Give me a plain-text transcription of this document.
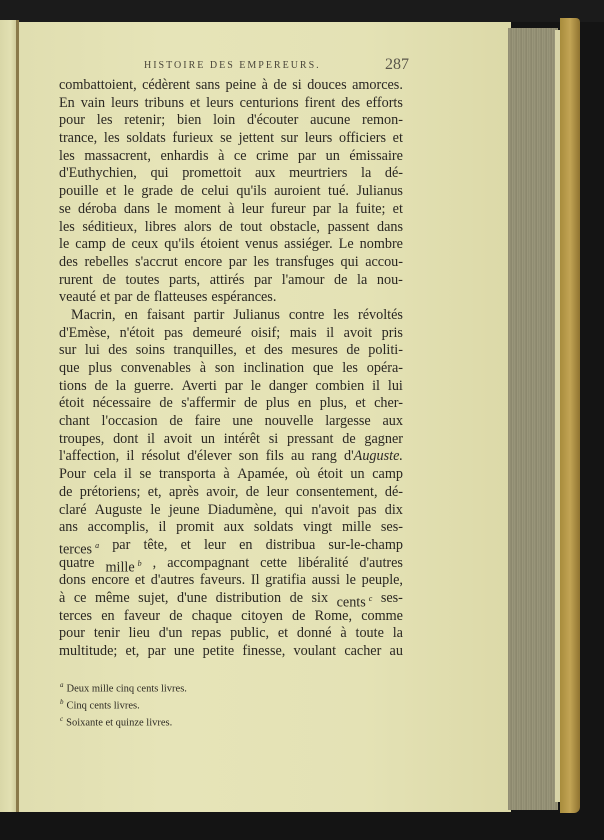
HISTOIRE DES EMPEREURS.	287
combattoient, cédèrent sans peine à de si douces amorces.
En vain leurs tribuns et leurs centurions firent des efforts
pour les retenir; bien loin d'écouter aucune remon-
trance, les soldats furieux se jettent sur leurs officiers et
les massacrent, enhardis à ce crime par un émissaire
d'Euthychien, qui promettoit aux meurtriers la dé-
pouille et le grade de celui qu'ils auroient tué. Julianus
se déroba dans le moment à leur fureur par la fuite; et
les séditieux, libres alors de tout obstacle, passent dans
le camp de ceux qu'ils étoient venus assiéger. Le nombre
des rebelles s'accrut encore par les transfuges qui accou-
rurent de toutes parts, attirés par l'amour de la nou-
veauté et par de flatteuses espérances.
Macrin, en faisant partir Julianus contre les révoltés
d'Emèse, n'étoit pas demeuré oisif; mais il avoit pris
sur lui des soins tranquilles, et des mesures de politi-
que plus convenables à son inclination que les opéra-
tions de la guerre. Averti par le danger combien il lui
étoit nécessaire de s'affermir de plus en plus, et cher-
chant l'occasion de faire une nouvelle largesse aux
troupes, dont il avoit un intérêt si pressant de gagner
l'affection, il résolut d'élever son fils au rang d'Auguste.
Pour cela il se transporta à Apamée, où étoit un camp
de prétoriens; et, après avoir, de leur consentement, dé-
claré Auguste le jeune Diadumène, qui n'avoit pas dix
ans accomplis, il promit aux soldats vingt mille ses-
terces $^a$ par tête, et leur en distribua sur-le-champ
quatre mille $^b$ , accompagnant cette libéralité d'autres
dons encore et d'autres faveurs. Il gratifia aussi le peuple,
à ce même sujet, d'une distribution de six cents $^c$ ses-
terces en faveur de chaque citoyen de Rome, comme
pour tenir lieu d'un repas public, et donné à toute la
multitude; et, par une petite finesse, voulant cacher au
$^a$ Deux mille cinq cents livres.
$^b$ Cinq cents livres.
$^c$ Soixante et quinze livres.
